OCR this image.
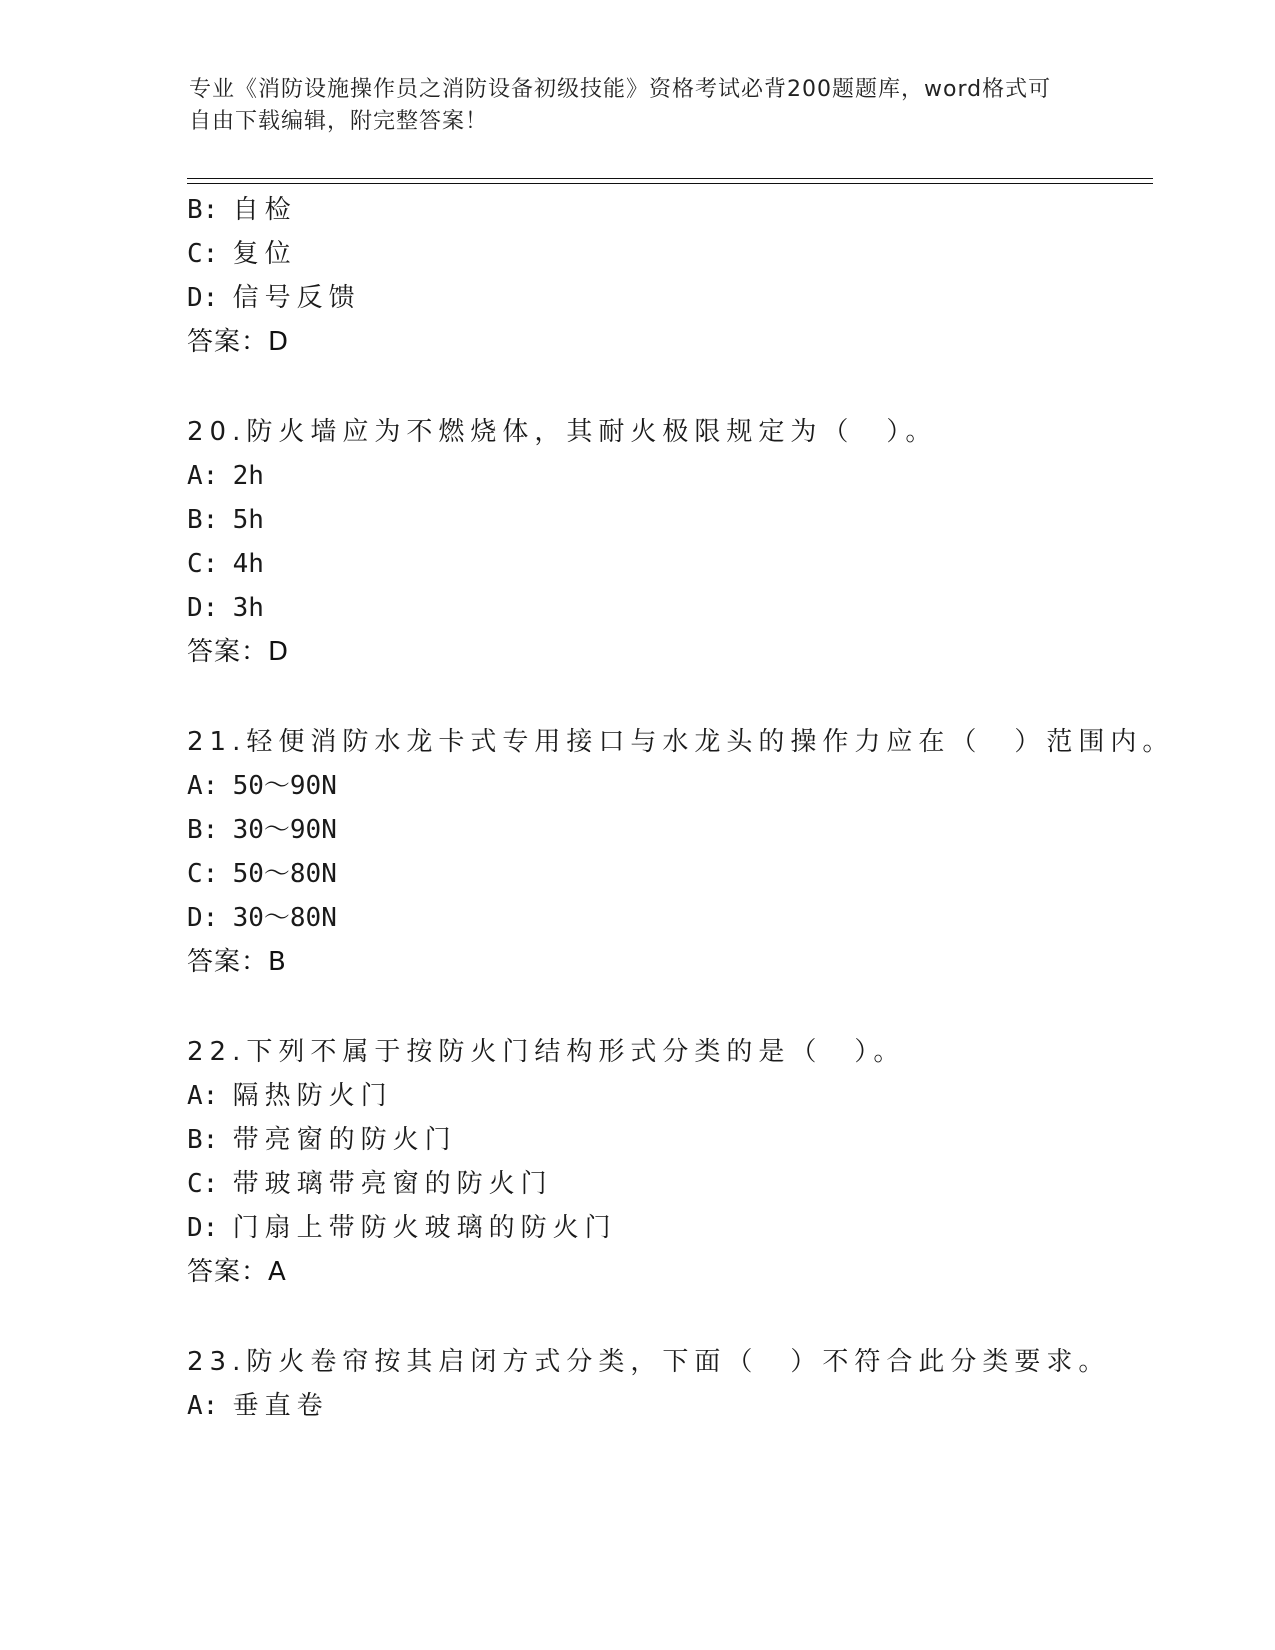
专业《消防设施操作员之消防设备初级技能》资格考试必背200题题库，word格式可自由下载编辑，附完整答案！
B: 自检
C: 复位
D: 信号反馈
答案：D
20.防火墙应为不燃烧体，其耐火极限规定为（　）。
A: 2h
B: 5h
C: 4h
D: 3h
答案：D
21.轻便消防水龙卡式专用接口与水龙头的操作力应在（　）范围内。
A: 50～90N
B: 30～90N
C: 50～80N
D: 30～80N
答案：B
22.下列不属于按防火门结构形式分类的是（　）。
A: 隔热防火门
B: 带亮窗的防火门
C: 带玻璃带亮窗的防火门
D: 门扇上带防火玻璃的防火门
答案：A
23.防火卷帘按其启闭方式分类，下面（　）不符合此分类要求。
A: 垂直卷
